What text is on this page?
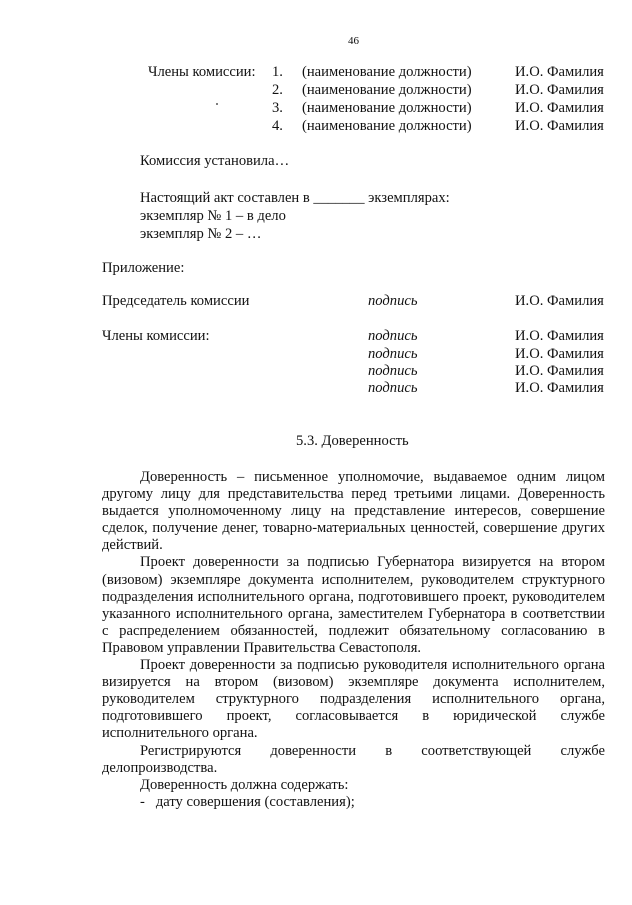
46
Члены комиссии: 1. (наименование должности)	И.О. Фамилия
2. (наименование должности)	И.О. Фамилия
3. (наименование должности)	И.О. Фамилия
4. (наименование должности)	И.О. Фамилия
Комиссия установила…
Настоящий акт составлен в _______ экземплярах:
экземпляр № 1 – в дело
экземпляр № 2 – …
Приложение:
Председатель комиссии	подпись	И.О. Фамилия
Члены комиссии:	подпись	И.О. Фамилия
подпись	И.О. Фамилия
подпись	И.О. Фамилия
подпись	И.О. Фамилия
5.3. Доверенность

Доверенность – письменное уполномочие, выдаваемое одним лицом другому лицу для представительства перед третьими лицами. Доверенность выдается уполномоченному лицу на представление интересов, совершение сделок, получение денег, товарно-материальных ценностей, совершение других действий.

Проект доверенности за подписью Губернатора визируется на втором (визовом) экземпляре документа исполнителем, руководителем структурного подразделения исполнительного органа, подготовившего проект, руководителем указанного исполнительного органа, заместителем Губернатора в соответствии с распределением обязанностей, подлежит обязательному согласованию в Правовом управлении Правительства Севастополя.

Проект доверенности за подписью руководителя исполнительного органа визируется на втором (визовом) экземпляре документа исполнителем, руководителем структурного подразделения исполнительного органа, подготовившего проект, согласовывается в юридической службе исполнительного органа.

Регистрируются доверенности в соответствующей службе делопроизводства.

Доверенность должна содержать:

- дату совершения (составления);
